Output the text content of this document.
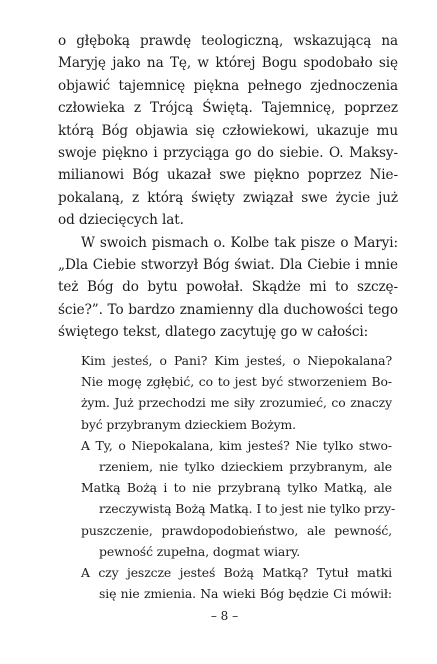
o głęboką prawdę teologiczną, wskazującą na
Maryję jako na Tę, w której Bogu spodobało się
objawić tajemnicę piękna pełnego zjednoczenia
człowieka z Trójcą Świętą. Tajemnicę, poprzez
którą Bóg objawia się człowiekowi, ukazuje mu
swoje piękno i przyciąga go do siebie. O. Maksy-
milianowi Bóg ukazał swe piękno poprzez Nie-
pokalaną, z którą święty związał swe życie już
od dziecięcych lat.
W swoich pismach o. Kolbe tak pisze o Maryi:
„Dla Ciebie stworzył Bóg świat. Dla Ciebie i mnie
też Bóg do bytu powołał. Skądże mi to szczę-
ście?”. To bardzo znamienny dla duchowości tego
świętego tekst, dlatego zacytuję go w całości:
Kim jesteś, o Pani? Kim jesteś, o Niepokalana?
Nie mogę zgłębić, co to jest być stworzeniem Bo-
żym. Już przechodzi me siły zrozumieć, co znaczy
być przybranym dzieckiem Bożym.
A Ty, o Niepokalana, kim jesteś? Nie tylko stwo-
rzeniem, nie tylko dzieckiem przybranym, ale
Matką Bożą i to nie przybraną tylko Matką, ale
rzeczywistą Bożą Matką. I to jest nie tylko przy-
puszczenie, prawdopodobieństwo, ale pewność,
pewność zupełna, dogmat wiary.
A czy jeszcze jesteś Bożą Matką? Tytuł matki
się nie zmienia. Na wieki Bóg będzie Ci mówił:
– 8 –
